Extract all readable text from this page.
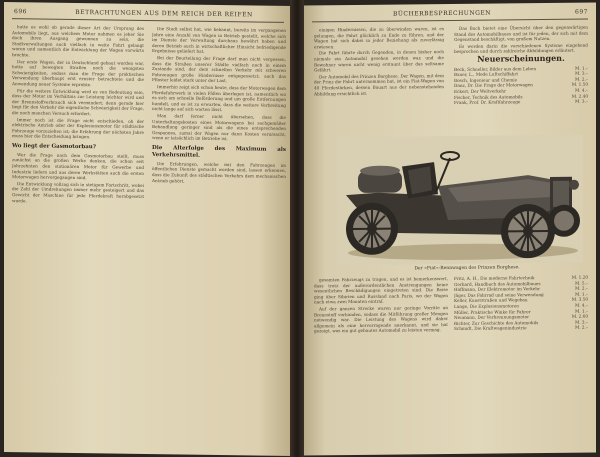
696	BETRACHTUNGEN AUS DEM REICH DER REIFEN

hatte es wohl ob gerade dieser Art der Ursprung des Automobils liegt, aus welchem Motor nahmen es jeher Sie doch ihren Ausgang gewonnen zu sein, die Stadtverwaltungen auch vielfach in weite Fahrt gelangt waren und namentlich die Entwicklung der Wagen vorwärts brachte.

Der erste Wagen, der in Deutschland gebaut worden war, hatte auf bewegten Straßen noch die wenigsten Schwierigkeiten, sodass man die Frage der praktischen Verwendung überhaupt erst ernster betrachtete und die Anwendung neuer Systeme erprobte.

Für die weitere Entwicklung wird es von Bedeutung sein, dass der Motor im Verhältnis zur Leistung leichter wird und der Brennstoffverbrauch sich vermindert; denn gerade hier liegt für den Verkehr die eigentliche Schwierigkeit der Frage, die noch manchen Versuch erfordert.

Immer noch ist die Frage nicht entschieden, ob der elektrische Antrieb oder der Explosionsmotor für städtische Fahrzeuge vorzuziehen ist; die Erfahrung der nächsten Jahre muss hier die Entscheidung bringen.

Wo liegt der Gasmotorbau?

Wer die Frage nach dem Gasmotorbau stellt, muss zunächst an die großen Werke denken, die schon seit Jahrzehnten den stationären Motor für Gewerbe und Industrie liefern und aus deren Werkstätten auch die ersten Motorwagen hervorgegangen sind.

Die Entwicklung vollzog sich in stetigem Fortschritt, wobei die Zahl der Umdrehungen immer mehr gesteigert und das Gewicht der Maschine für jede Pferdekraft herabgesetzt wurde.

Die Stadt selbst hat, wie bekannt, bereits im vergangenen Jahre eine Anzahl von Wagen in Betrieb gestellt, welche sich im Dienste der Verwaltung durchaus bewährt haben und deren Betrieb auch in wirtschaftlicher Hinsicht befriedigende Ergebnisse geliefert hat.

Bei der Beurteilung der Frage darf man nicht vergessen, dass die Straßen unserer Städte vielfach noch in einem Zustande sind, der dem schnellen Verkehr mit schweren Fahrzeugen große Hindernisse entgegensetzt; auch das Pflaster leidet stark unter der Last.

Immerhin zeigt sich schon heute, dass der Motorwagen dem Pferdefuhrwerk in vielen Fällen überlegen ist, namentlich wo es sich um schnelle Beförderung und um große Entfernungen handelt, und es ist zu erwarten, dass die weitere Verbreitung nicht lange auf sich warten lässt.

Man darf ferner nicht übersehen, dass die Unterhaltungskosten eines Motorwagens bei sachgemäßer Behandlung geringer sind als die eines entsprechenden Gespannes, zumal der Wagen nur dann Kosten verursacht, wenn er tatsächlich im Betriebe ist.

Die Alterfolge des Maximum als Verkehrsmittel.

Die Erfahrungen, welche mit den Fahrzeugen im öffentlichen Dienste gemacht worden sind, lassen erkennen, dass die Zukunft des städtischen Verkehrs dem mechanischen Antrieb gehört.

BÜCHERBESPRECHUNGEN	697

einigen Hindernissen, die zu überwinden waren, ist es gelungen, die Fahrt glücklich zu Ende zu führen, und der Wagen hat sich dabei in jeder Beziehung als zuverlässig erwiesen.

Die Fahrt führte durch Gegenden, in denen bisher noch niemals ein Automobil gesehen worden war, und die Bewohner waren nicht wenig erstaunt über das seltsame Gefährt.

Der Automobil des Prinzen Borghese. Der Wagen, mit dem der Prinz die Fahrt unternommen hat, ist ein Fiat-Wagen von 40 Pferdestärken, dessen Bauart aus der nebenstehenden Abbildung ersichtlich ist.

Das Buch bietet eine Übersicht über den gegenwärtigen Stand des Automobilbaues und ist für jeden, der sich mit dem Gegenstand beschäftigt, von großem Nutzen.

Es werden darin die verschiedenen Systeme eingehend besprochen und durch zahlreiche Abbildungen erläutert.

Neuerscheinungen.
Beck, Schneller, Bilder aus dem Leben	M. 1.–
Bauer, L., Mode Luftschiffahrt	M. 3.–
Bosch, Ingenieur und Chemie	M. 2.–
Danz, Dr. Die Frage der Motorwagen	M. 1.50
Eckert, Der Weltverkehr	M. 4.–
Fischer, Technik des Automobils	M. 2.40
Frank, Prof. Dr. Kraftfahrzeuge	M. 3.–
Der »Fiat«-Rennwagen des Prinzen Borghese.

gesamten Fahrzeugs zu tragen, und es ist bemerkenswert, dass trotz der außerordentlichen Anstrengungen keine wesentlichen Beschädigungen eingetreten sind. Die Reise ging über Sibirien und Russland nach Paris, wo der Wagen nach etwa zwei Monaten eintraf.

Auf der ganzen Strecke waren nur geringe Vorräte an Brennstoff vorhanden, sodass die Mitführung großer Mengen notwendig war. Die Leistung des Wagens wird daher allgemein als eine hervorragende anerkannt, und sie hat gezeigt, was ein gut gebautes Automobil zu leisten vermag.

Fritz, A. H., Die moderne Fahrtechnik	M. 1.20
Gerhard, Handbuch des Automobilbaues	M. 5.–
Hoffmann, Der Elektromotor im Verkehr	M. 2.–
Jäger, Das Fahrrad und seine Verwendung	M. 1.–
Keller, Kunststraßen und Wegebau	M. 3.50
Lange, Die Explosionsmotoren	M. 4.–
Müller, Praktische Winke für Fahrer	M. 1.–
Neumann, Der Verbrennungsmotor	M. 2.60
Richter, Zur Geschichte des Automobils	M. 3.–
Schmidt, Die Kraftwagenindustrie	M. 2.–
